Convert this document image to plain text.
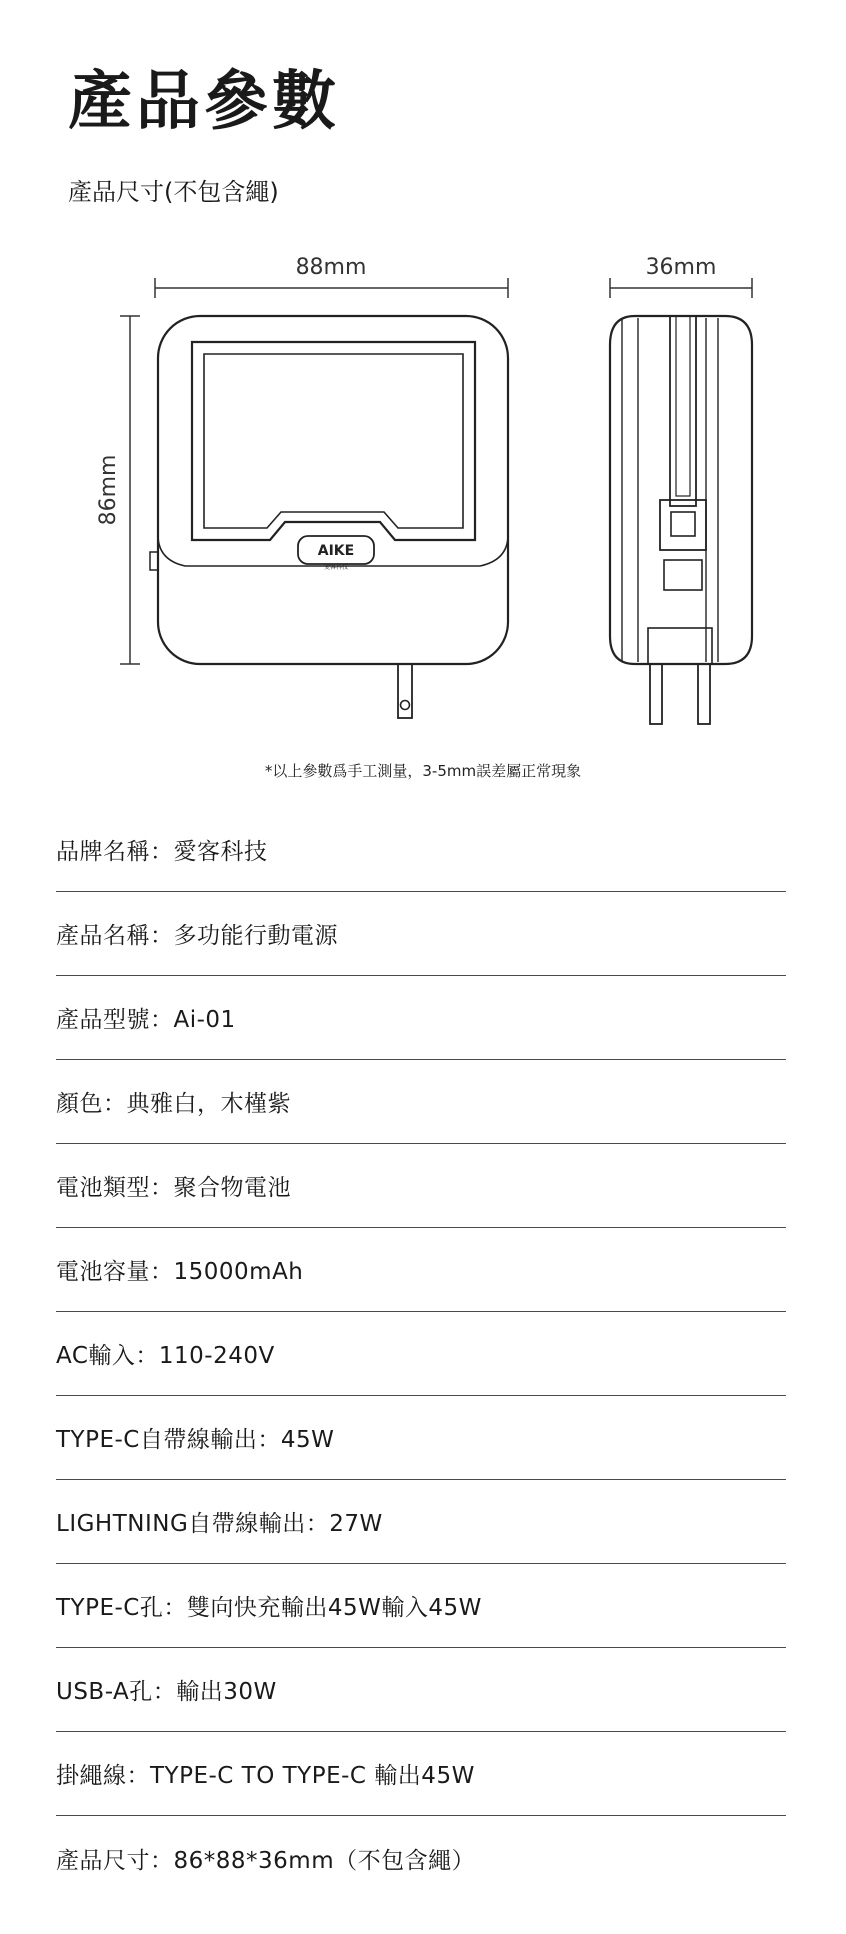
產品參數
產品尺寸(不包含繩)
88mm
86mm
36mm
AIKE
愛客科技
*以上參數爲手工測量，3-5mm誤差屬正常現象
品牌名稱：愛客科技
產品名稱：多功能行動電源
產品型號：Ai-01
顏色：典雅白，木槿紫
電池類型：聚合物電池
電池容量：15000mAh
AC輸入：110-240V
TYPE-C自帶線輸出：45W
LIGHTNING自帶線輸出：27W
TYPE-C孔：雙向快充輸出45W輸入45W
USB-A孔：輸出30W
掛繩線：TYPE-C TO TYPE-C 輸出45W
產品尺寸：86*88*36mm（不包含繩）
